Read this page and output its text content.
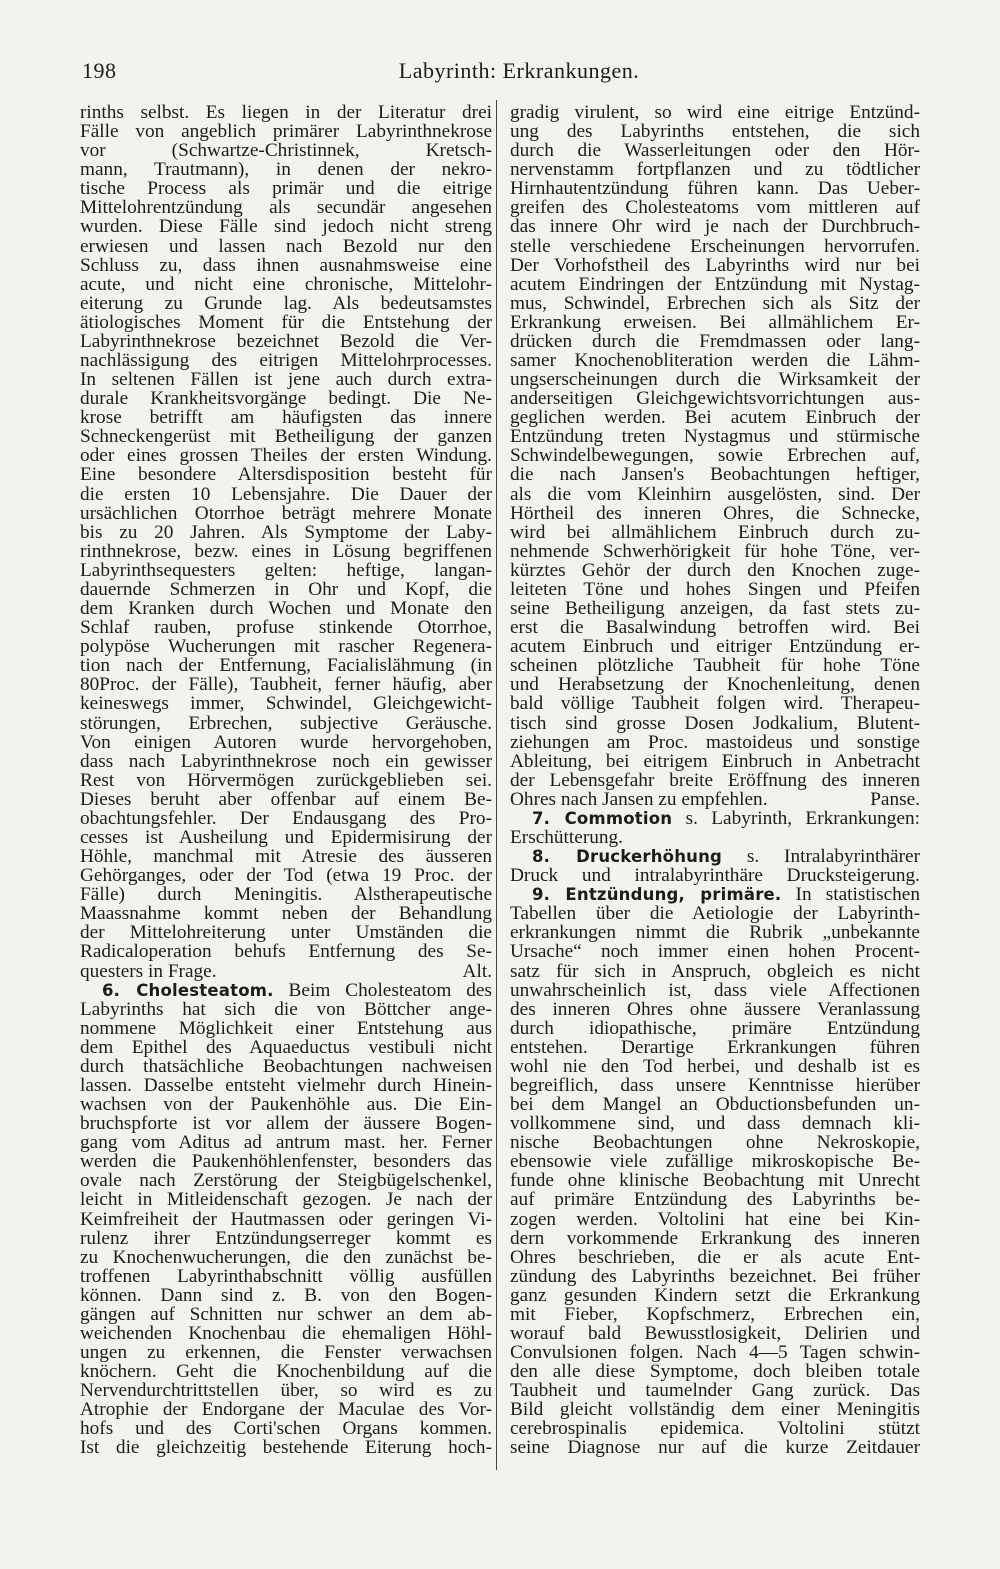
198	Labyrinth: Erkrankungen.
rinths selbst. Es liegen in der Literatur drei
Fälle von angeblich primärer Labyrinthnekrose
vor (Schwartze-Christinnek, Kretsch-
mann, Trautmann), in denen der nekro-
tische Process als primär und die eitrige
Mittelohrentzündung als secundär angesehen
wurden. Diese Fälle sind jedoch nicht streng
erwiesen und lassen nach Bezold nur den
Schluss zu, dass ihnen ausnahmsweise eine
acute, und nicht eine chronische, Mittelohr-
eiterung zu Grunde lag. Als bedeutsamstes
ätiologisches Moment für die Entstehung der
Labyrinthnekrose bezeichnet Bezold die Ver-
nachlässigung des eitrigen Mittelohrprocesses.
In seltenen Fällen ist jene auch durch extra-
durale Krankheitsvorgänge bedingt. Die Ne-
krose betrifft am häufigsten das innere
Schneckengerüst mit Betheiligung der ganzen
oder eines grossen Theiles der ersten Windung.
Eine besondere Altersdisposition besteht für
die ersten 10 Lebensjahre. Die Dauer der
ursächlichen Otorrhoe beträgt mehrere Monate
bis zu 20 Jahren. Als Symptome der Laby-
rinthnekrose, bezw. eines in Lösung begriffenen
Labyrinthsequesters gelten: heftige, langan-
dauernde Schmerzen in Ohr und Kopf, die
dem Kranken durch Wochen und Monate den
Schlaf rauben, profuse stinkende Otorrhoe,
polypöse Wucherungen mit rascher Regenera-
tion nach der Entfernung, Facialislähmung (in
80Proc. der Fälle), Taubheit, ferner häufig, aber
keineswegs immer, Schwindel, Gleichgewicht-
störungen, Erbrechen, subjective Geräusche.
Von einigen Autoren wurde hervorgehoben,
dass nach Labyrinthnekrose noch ein gewisser
Rest von Hörvermögen zurückgeblieben sei.
Dieses beruht aber offenbar auf einem Be-
obachtungsfehler. Der Endausgang des Pro-
cesses ist Ausheilung und Epidermisirung der
Höhle, manchmal mit Atresie des äusseren
Gehörganges, oder der Tod (etwa 19 Proc. der
Fälle) durch Meningitis. Alstherapeutische
Maassnahme kommt neben der Behandlung
der Mittelohreiterung unter Umständen die
Radicaloperation behufs Entfernung des Se-
questers in Frage.	Alt.
6. Cholesteatom. Beim Cholesteatom des
Labyrinths hat sich die von Böttcher ange-
nommene Möglichkeit einer Entstehung aus
dem Epithel des Aquaeductus vestibuli nicht
durch thatsächliche Beobachtungen nachweisen
lassen. Dasselbe entsteht vielmehr durch Hinein-
wachsen von der Paukenhöhle aus. Die Ein-
bruchspforte ist vor allem der äussere Bogen-
gang vom Aditus ad antrum mast. her. Ferner
werden die Paukenhöhlenfenster, besonders das
ovale nach Zerstörung der Steigbügelschenkel,
leicht in Mitleidenschaft gezogen. Je nach der
Keimfreiheit der Hautmassen oder geringen Vi-
rulenz ihrer Entzündungserreger kommt es
zu Knochenwucherungen, die den zunächst be-
troffenen Labyrinthabschnitt völlig ausfüllen
können. Dann sind z. B. von den Bogen-
gängen auf Schnitten nur schwer an dem ab-
weichenden Knochenbau die ehemaligen Höhl-
ungen zu erkennen, die Fenster verwachsen
knöchern. Geht die Knochenbildung auf die
Nervendurchtrittstellen über, so wird es zu
Atrophie der Endorgane der Maculae des Vor-
hofs und des Corti'schen Organs kommen.
Ist die gleichzeitig bestehende Eiterung hoch-
gradig virulent, so wird eine eitrige Entzünd-
ung des Labyrinths entstehen, die sich
durch die Wasserleitungen oder den Hör-
nervenstamm fortpflanzen und zu tödtlicher
Hirnhautentzündung führen kann. Das Ueber-
greifen des Cholesteatoms vom mittleren auf
das innere Ohr wird je nach der Durchbruch-
stelle verschiedene Erscheinungen hervorrufen.
Der Vorhofstheil des Labyrinths wird nur bei
acutem Eindringen der Entzündung mit Nystag-
mus, Schwindel, Erbrechen sich als Sitz der
Erkrankung erweisen. Bei allmählichem Er-
drücken durch die Fremdmassen oder lang-
samer Knochenobliteration werden die Lähm-
ungserscheinungen durch die Wirksamkeit der
anderseitigen Gleichgewichtsvorrichtungen aus-
geglichen werden. Bei acutem Einbruch der
Entzündung treten Nystagmus und stürmische
Schwindelbewegungen, sowie Erbrechen auf,
die nach Jansen's Beobachtungen heftiger,
als die vom Kleinhirn ausgelösten, sind. Der
Hörtheil des inneren Ohres, die Schnecke,
wird bei allmählichem Einbruch durch zu-
nehmende Schwerhörigkeit für hohe Töne, ver-
kürztes Gehör der durch den Knochen zuge-
leiteten Töne und hohes Singen und Pfeifen
seine Betheiligung anzeigen, da fast stets zu-
erst die Basalwindung betroffen wird. Bei
acutem Einbruch und eitriger Entzündung er-
scheinen plötzliche Taubheit für hohe Töne
und Herabsetzung der Knochenleitung, denen
bald völlige Taubheit folgen wird. Therapeu-
tisch sind grosse Dosen Jodkalium, Blutent-
ziehungen am Proc. mastoideus und sonstige
Ableitung, bei eitrigem Einbruch in Anbetracht
der Lebensgefahr breite Eröffnung des inneren
Ohres nach Jansen zu empfehlen.	Panse.
7. Commotion s. Labyrinth, Erkrankungen:
Erschütterung.
8. Druckerhöhung s. Intralabyrinthärer
Druck und intralabyrinthäre Drucksteigerung.
9. Entzündung, primäre. In statistischen
Tabellen über die Aetiologie der Labyrinth-
erkrankungen nimmt die Rubrik „unbekannte
Ursache“ noch immer einen hohen Procent-
satz für sich in Anspruch, obgleich es nicht
unwahrscheinlich ist, dass viele Affectionen
des inneren Ohres ohne äussere Veranlassung
durch idiopathische, primäre Entzündung
entstehen. Derartige Erkrankungen führen
wohl nie den Tod herbei, und deshalb ist es
begreiflich, dass unsere Kenntnisse hierüber
bei dem Mangel an Obductionsbefunden un-
vollkommene sind, und dass demnach kli-
nische Beobachtungen ohne Nekroskopie,
ebensowie viele zufällige mikroskopische Be-
funde ohne klinische Beobachtung mit Unrecht
auf primäre Entzündung des Labyrinths be-
zogen werden. Voltolini hat eine bei Kin-
dern vorkommende Erkrankung des inneren
Ohres beschrieben, die er als acute Ent-
zündung des Labyrinths bezeichnet. Bei früher
ganz gesunden Kindern setzt die Erkrankung
mit Fieber, Kopfschmerz, Erbrechen ein,
worauf bald Bewusstlosigkeit, Delirien und
Convulsionen folgen. Nach 4—5 Tagen schwin-
den alle diese Symptome, doch bleiben totale
Taubheit und taumelnder Gang zurück. Das
Bild gleicht vollständig dem einer Meningitis
cerebrospinalis epidemica. Voltolini stützt
seine Diagnose nur auf die kurze Zeitdauer
